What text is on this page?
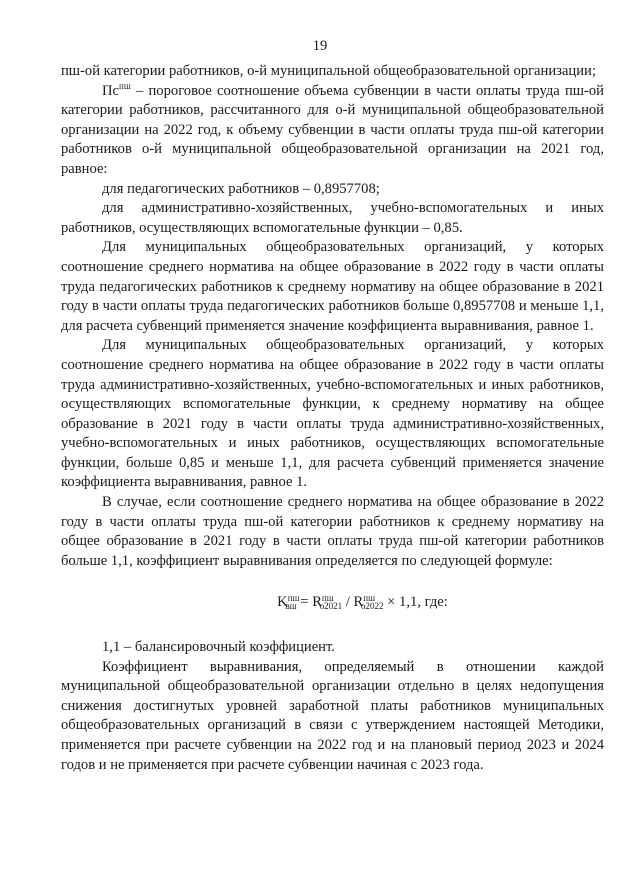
19

пш-ой категории работников, о-й муниципальной общеобразовательной организации;

$Пс^{пш}$ – пороговое соотношение объема субвенции в части оплаты труда пш-ой категории работников, рассчитанного для о-й муниципальной общеобразовательной организации на 2022 год, к объему субвенции в части оплаты труда пш-ой категории работников о-й муниципальной общеобразовательной организации на 2021 год, равное:

для педагогических работников – 0,8957708;

для административно-хозяйственных, учебно-вспомогательных и иных работников, осуществляющих вспомогательные функции – 0,85.

Для муниципальных общеобразовательных организаций, у которых соотношение среднего норматива на общее образование в 2022 году в части оплаты труда педагогических работников к среднему нормативу на общее образование в 2021 году в части оплаты труда педагогических работников больше 0,8957708 и меньше 1,1, для расчета субвенций применяется значение коэффициента выравнивания, равное 1.

Для муниципальных общеобразовательных организаций, у которых соотношение среднего норматива на общее образование в 2022 году в части оплаты труда административно-хозяйственных, учебно-вспомогательных и иных работников, осуществляющих вспомогательные функции, к среднему нормативу на общее образование в 2021 году в части оплаты труда административно-хозяйственных, учебно-вспомогательных и иных работников, осуществляющих вспомогательные функции, больше 0,85 и меньше 1,1, для расчета субвенций применяется значение коэффициента выравнивания, равное 1.

В случае, если соотношение среднего норматива на общее образование в 2022 году в части оплаты труда пш-ой категории работников к среднему нормативу на общее образование в 2021 году в части оплаты труда пш-ой категории работников больше 1,1, коэффициент выравнивания определяется по следующей формуле:

$K^{пш}_{вш} = R^{пш}_{о2021} / R^{пш}_{о2022} \times 1,1$, где:

1,1 – балансировочный коэффициент.

Коэффициент выравнивания, определяемый в отношении каждой муниципальной общеобразовательной организации отдельно в целях недопущения снижения достигнутых уровней заработной платы работников муниципальных общеобразовательных организаций в связи с утверждением настоящей Методики, применяется при расчете субвенции на 2022 год и на плановый период 2023 и 2024 годов и не применяется при расчете субвенции начиная с 2023 года.
